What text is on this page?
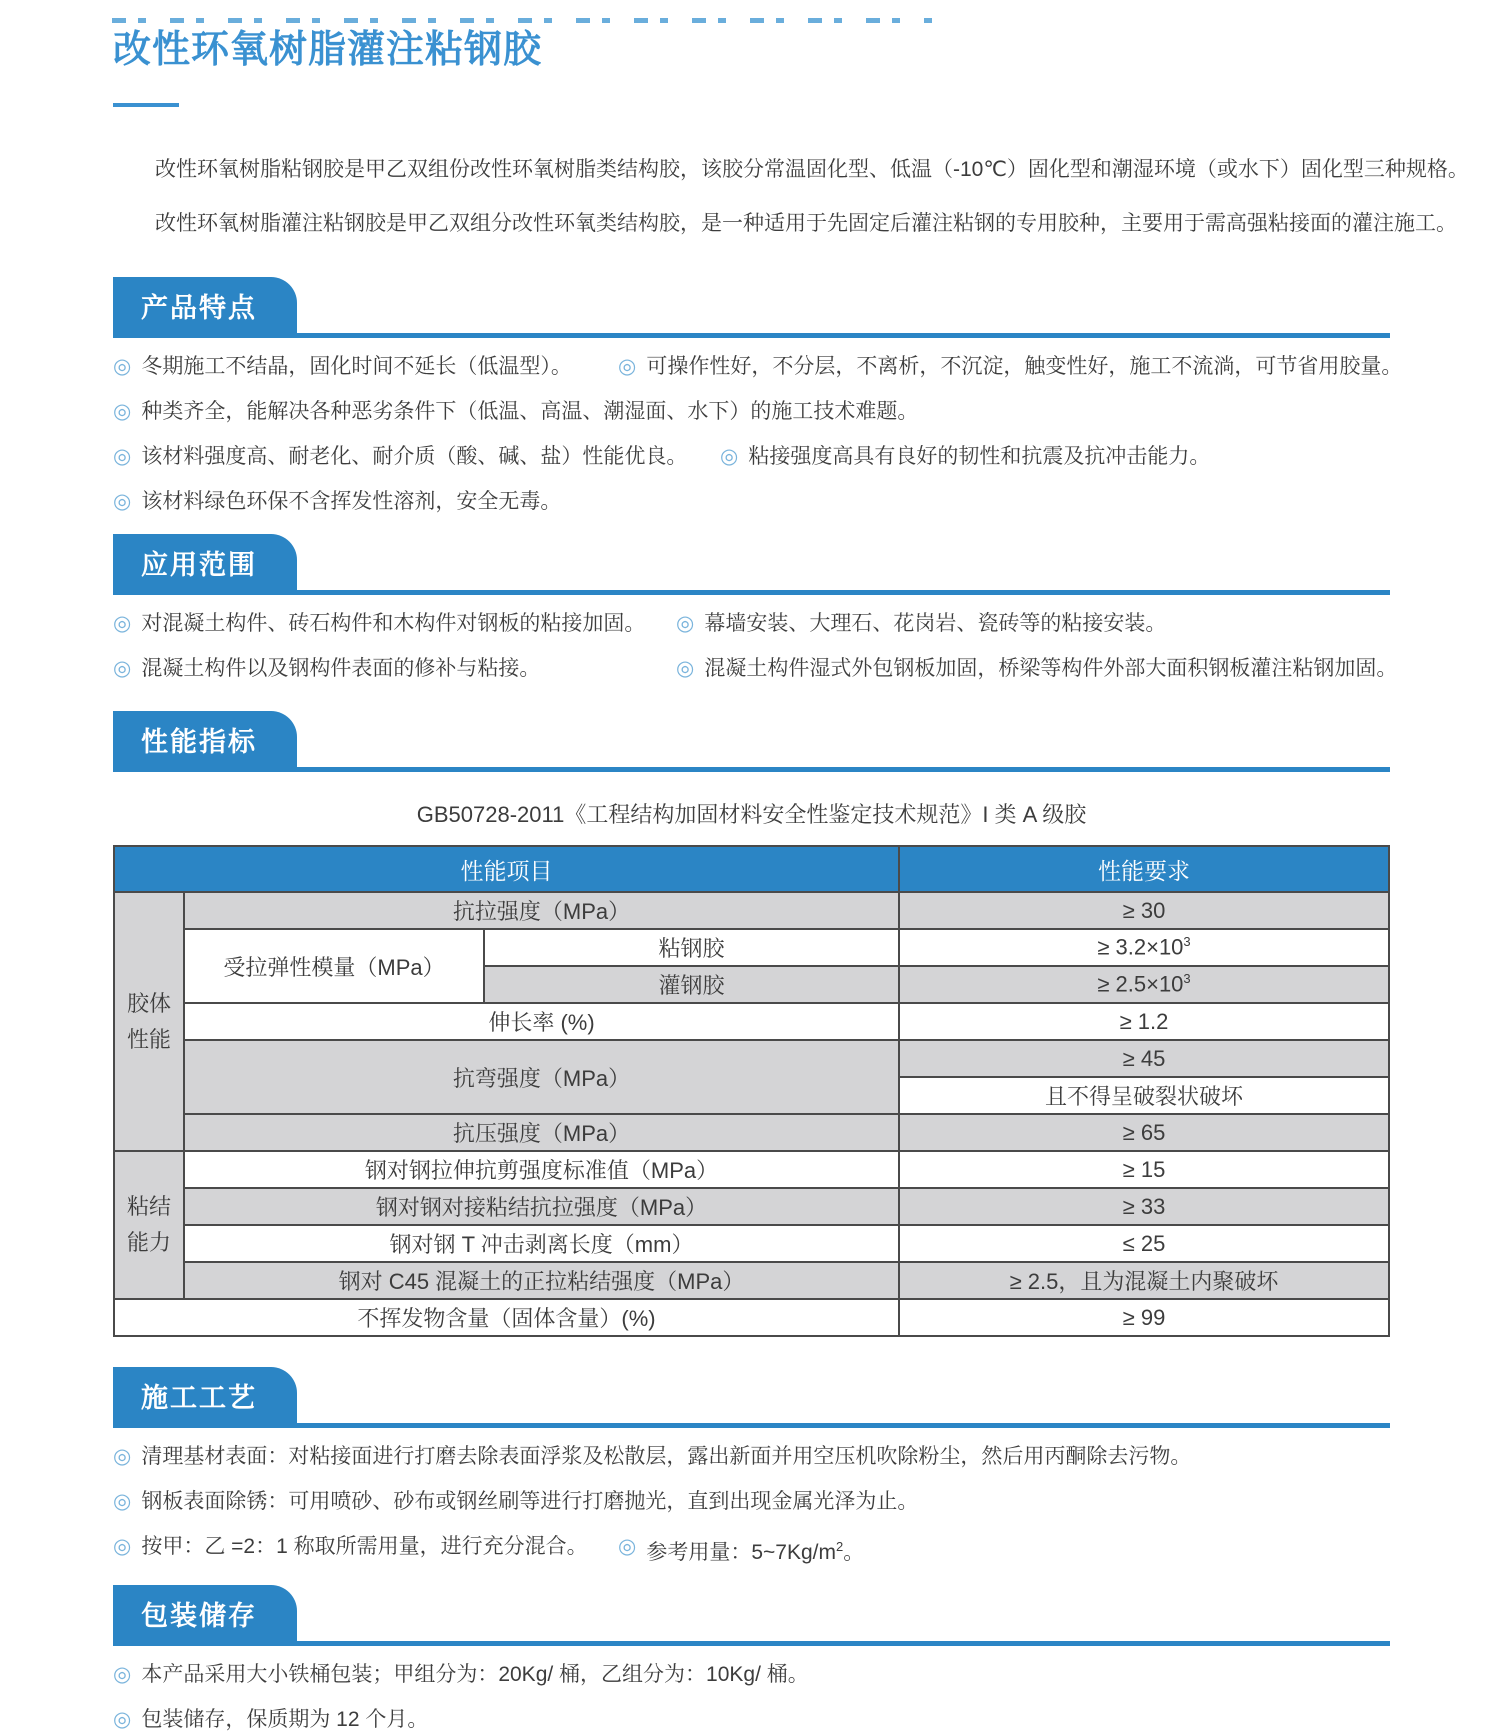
改性环氧树脂灌注粘钢胶

改性环氧树脂粘钢胶是甲乙双组份改性环氧树脂类结构胶，该胶分常温固化型、低温（-10℃）固化型和潮湿环境（或水下）固化型三种规格。

改性环氧树脂灌注粘钢胶是甲乙双组分改性环氧类结构胶，是一种适用于先固定后灌注粘钢的专用胶种，主要用于需高强粘接面的灌注施工。

产品特点
◎ 冬期施工不结晶，固化时间不延长（低温型）。 ◎ 可操作性好，不分层，不离析，不沉淀，触变性好，施工不流淌，可节省用胶量。
◎ 种类齐全，能解决各种恶劣条件下（低温、高温、潮湿面、水下）的施工技术难题。
◎ 该材料强度高、耐老化、耐介质（酸、碱、盐）性能优良。 ◎ 粘接强度高具有良好的韧性和抗震及抗冲击能力。
◎ 该材料绿色环保不含挥发性溶剂，安全无毒。
应用范围
◎ 对混凝土构件、砖石构件和木构件对钢板的粘接加固。 ◎ 幕墙安装、大理石、花岗岩、瓷砖等的粘接安装。
◎ 混凝土构件以及钢构件表面的修补与粘接。	◎ 混凝土构件湿式外包钢板加固，桥梁等构件外部大面积钢板灌注粘钢加固。
性能指标
GB50728-2011《工程结构加固材料安全性鉴定技术规范》I 类 A 级胶
性能项目			性能要求
胶体性能	抗拉强度（MPa）		≥ 30
	受拉弹性模量（MPa）	粘钢胶	≥ $3.2\times 10^3$
		灌钢胶	≥ $2.5\times 10^3$
	伸长率 (%)		≥ 1.2
	抗弯强度（MPa）		≥ 45
			且不得呈破裂状破坏
	抗压强度（MPa）		≥ 65
粘结能力	钢对钢拉伸抗剪强度标准值（MPa）		≥ 15
	钢对钢对接粘结抗拉强度（MPa）		≥ 33
	钢对钢 T 冲击剥离长度（mm）		≤ 25
	钢对 C45 混凝土的正拉粘结强度（MPa）		≥ 2.5，且为混凝土内聚破坏
不挥发物含量（固体含量）(%)			≥ 99
施工工艺
◎ 清理基材表面：对粘接面进行打磨去除表面浮浆及松散层，露出新面并用空压机吹除粉尘，然后用丙酮除去污物。
◎ 钢板表面除锈：可用喷砂、砂布或钢丝刷等进行打磨抛光，直到出现金属光泽为止。
◎ 按甲：乙 =2：1 称取所需用量，进行充分混合。 ◎ 参考用量：$5\sim 7Kg/m^2$。
包装储存
◎ 本产品采用大小铁桶包装；甲组分为：20Kg/ 桶，乙组分为：10Kg/ 桶。
◎ 包装储存，保质期为 12 个月。
